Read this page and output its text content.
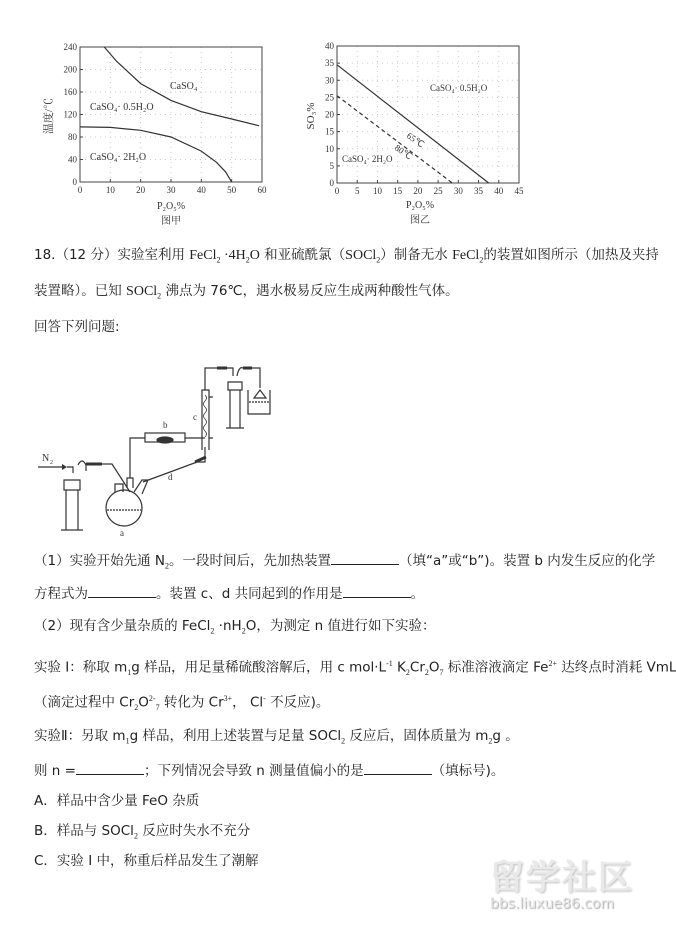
0	10 20 30 40 50 60
0
40
80
120
160
200
240
温度/℃
P₂O₅%
图甲
CaSO₄
CaSO₄· 0.5H₂O
CaSO₄· 2H₂O
0 5 10 15 20 25 30 35 40 45
0
5
10
15
20
25
30
35
40
SO₃%
P₂O₅%
图乙
CaSO₄· 0.5H₂O
CaSO₄· 2H₂O
65℃
80℃
18.（12 分）实验室利用 FeCl$_2$ $\cdot 4H_2O$ 和亚硫酰氯（SOCl$_2$）制备无水 FeCl$_2$的装置如图所示（加热及夹持
装置略）。已知 SOCl$_2$ 沸点为 76℃，遇水极易反应生成两种酸性气体。
回答下列问题:
N 2
a
b
d
c
（1）实验开始先通 $N_2$。一段时间后，先加热装置	（填“a”或“b”)。装置 b 内发生反应的化学
方程式为	。装置 c、d 共同起到的作用是	。
（2）现有含少量杂质的 FeCl$_2$ $\cdot nH_2O$，为测定 n 值进行如下实验：
实验 I：称取 $m_1g$ 样品，用足量稀硫酸溶解后，用 c $mol\cdot L^{-1}$ $K_2Cr_2O_7$ 标准溶液滴定 $Fe^{2+}$ 达终点时消耗 VmL
（滴定过程中 $Cr_2O^{2-}_7$ 转化为 $Cr^{3+}$， Cl- 不反应)。
实验Ⅱ：另取 $m_1g$ 样品，利用上述装置与足量 SOCl$_2$ 反应后，固体质量为 $m_2g$ 。
则 n =	；下列情况会导致 n 测量值偏小的是	（填标号)。
A．样品中含少量 FeO 杂质
B．样品与 SOCl$_2$ 反应时失水不充分
C．实验 I 中，称重后样品发生了潮解	留学社区
bbs.liuxue86.com
